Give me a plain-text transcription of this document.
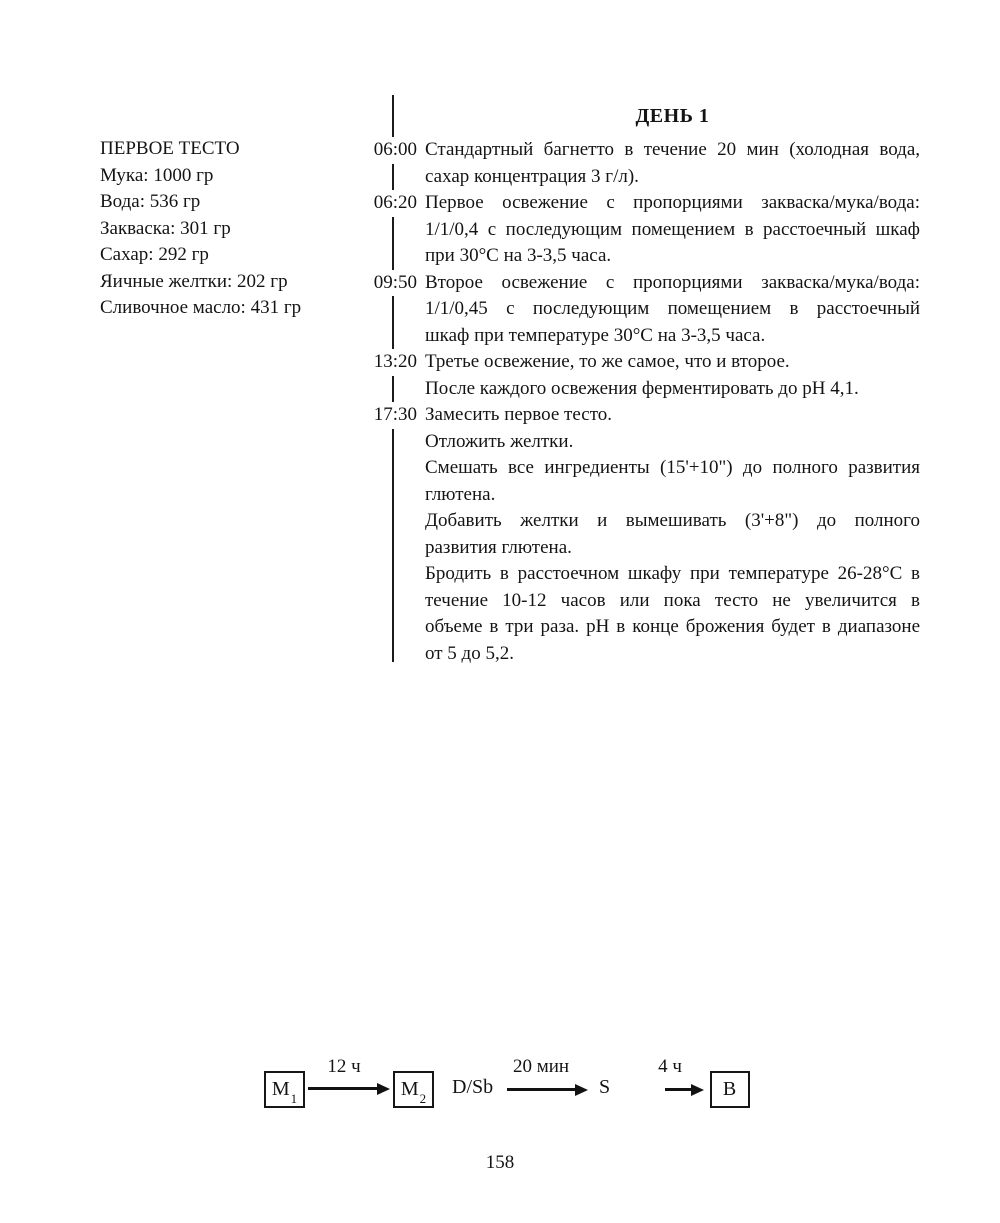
ПЕРВОЕ ТЕСТО
Мука: 1000 гр
Вода: 536 гр
Закваска: 301 гр
Сахар: 292 гр
Яичные желтки: 202 гр
Сливочное масло: 431 гр
ДЕНЬ 1
06:00 Стандартный багнетто в течение 20 мин (холодная вода,
сахар концентрация 3 г/л).
06:20 Первое освежение с пропорциями закваска/мука/вода:
1/1/0,4 с последующим помещением в расстоечный шкаф
при 30°C на 3-3,5 часа.
09:50 Второе освежение с пропорциями закваска/мука/вода:
1/1/0,45 с последующим помещением в расстоечный
шкаф при температуре 30°C на 3-3,5 часа.
13:20 Третье освежение, то же самое, что и второе.
После каждого освежения ферментировать до pH 4,1.
17:30 Замесить первое тесто.
Отложить желтки.
Смешать все ингредиенты (15'+10") до полного развития
глютена.
Добавить желтки и вымешивать (3'+8") до полного
развития глютена.
Бродить в расстоечном шкафу при температуре 26-28°C в
течение 10-12 часов или пока тесто не увеличится в
объеме в три раза. pH в конце брожения будет в диапазоне
от 5 до 5,2.
$M_1$
12 ч
$M_2$
D/Sb
20 мин
S
4 ч
B
158
